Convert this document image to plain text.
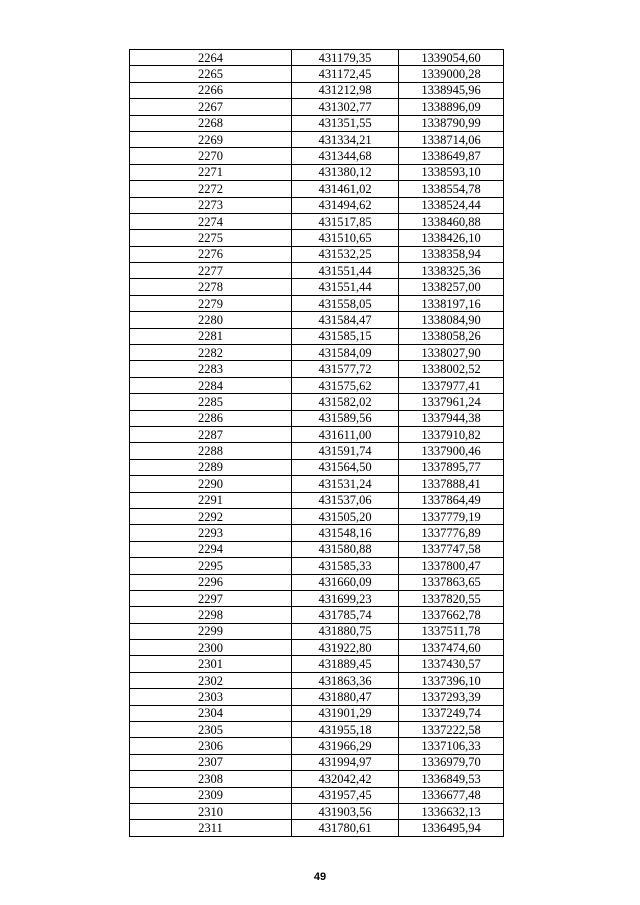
2264	431179,35	1339054,60
2265	431172,45	1339000,28
2266	431212,98	1338945,96
2267	431302,77	1338896,09
2268	431351,55	1338790,99
2269	431334,21	1338714,06
2270	431344,68	1338649,87
2271	431380,12	1338593,10
2272	431461,02	1338554,78
2273	431494,62	1338524,44
2274	431517,85	1338460,88
2275	431510,65	1338426,10
2276	431532,25	1338358,94
2277	431551,44	1338325,36
2278	431551,44	1338257,00
2279	431558,05	1338197,16
2280	431584,47	1338084,90
2281	431585,15	1338058,26
2282	431584,09	1338027,90
2283	431577,72	1338002,52
2284	431575,62	1337977,41
2285	431582,02	1337961,24
2286	431589,56	1337944,38
2287	431611,00	1337910,82
2288	431591,74	1337900,46
2289	431564,50	1337895,77
2290	431531,24	1337888,41
2291	431537,06	1337864,49
2292	431505,20	1337779,19
2293	431548,16	1337776,89
2294	431580,88	1337747,58
2295	431585,33	1337800,47
2296	431660,09	1337863,65
2297	431699,23	1337820,55
2298	431785,74	1337662,78
2299	431880,75	1337511,78
2300	431922,80	1337474,60
2301	431889,45	1337430,57
2302	431863,36	1337396,10
2303	431880,47	1337293,39
2304	431901,29	1337249,74
2305	431955,18	1337222,58
2306	431966,29	1337106,33
2307	431994,97	1336979,70
2308	432042,42	1336849,53
2309	431957,45	1336677,48
2310	431903,56	1336632,13
2311	431780,61	1336495,94
49
